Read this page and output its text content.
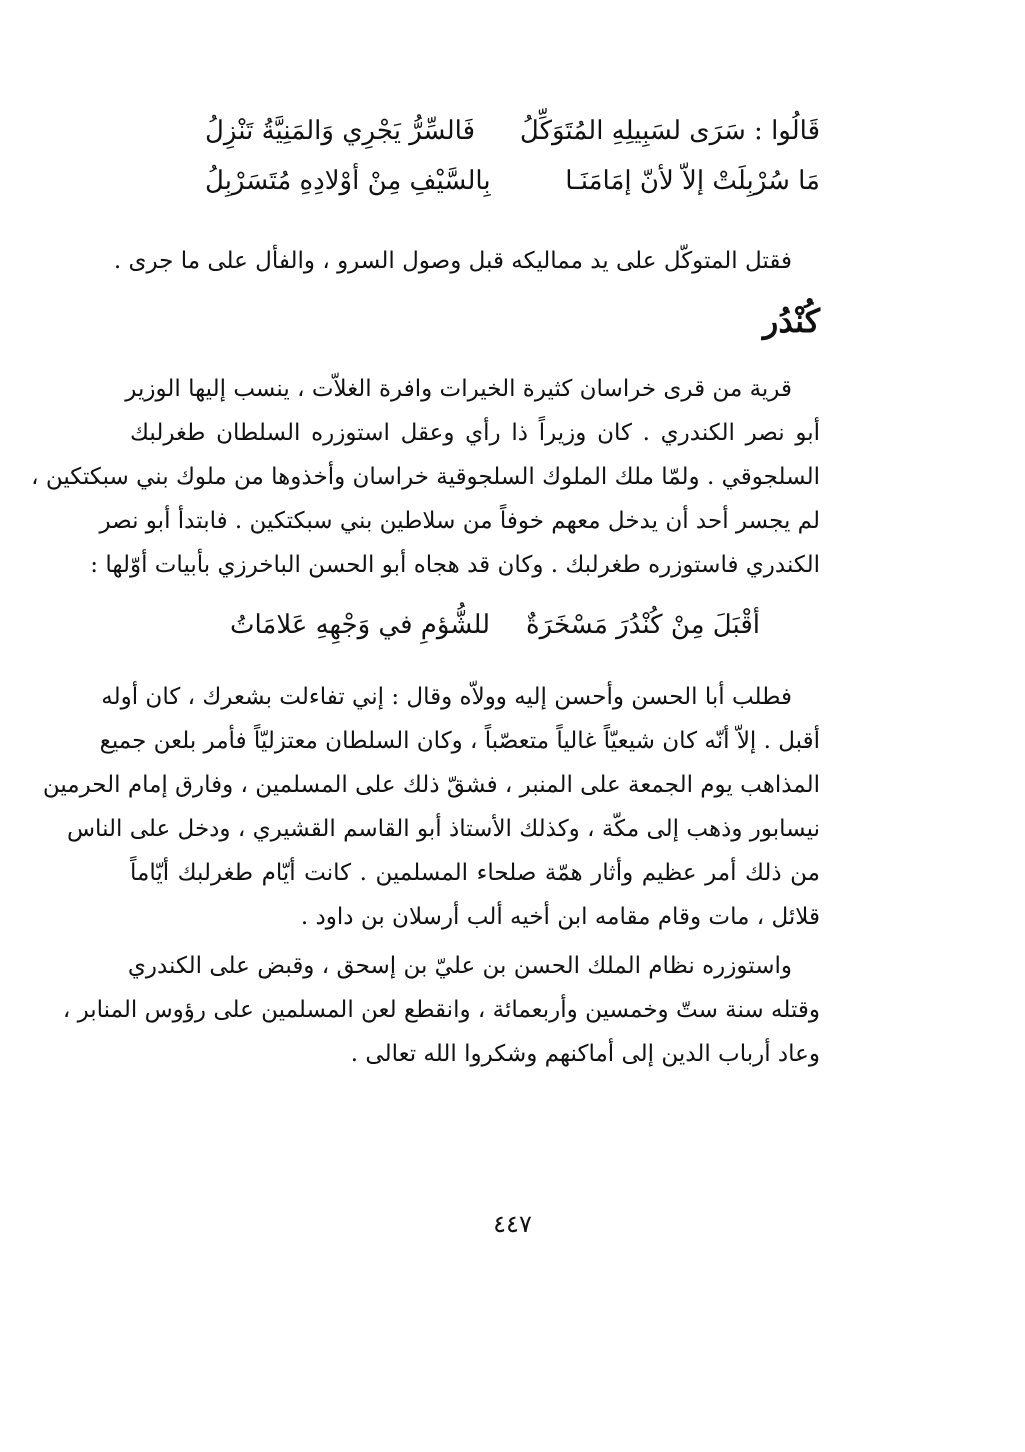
قَالُوا : سَرَى لسَبِيلِهِ المُتَوَكِّلُ
فَالسِّرُّ يَجْرِي وَالمَنِيَّةُ تَنْزِلُ
مَا سُرْبِلَتْ إلاّ لأنّ إمَامَنَـا
بِالسَّيْفِ مِنْ أوْلادِهِ مُتَسَرْبِلُ
فقتل المتوكّل على يد مماليكه قبل وصول السرو ، والفأل على ما جرى .
كُنْدُر
قرية من قرى خراسان كثيرة الخيرات وافرة الغلاّت ، ينسب إليها الوزير
أبو نصر الكندري . كان وزيراً ذا رأي وعقل استوزره السلطان طغرلبك
السلجوقي . ولمّا ملك الملوك السلجوقية خراسان وأخذوها من ملوك بني سبكتكين ،
لم يجسر أحد أن يدخل معهم خوفاً من سلاطين بني سبكتكين . فابتدأ أبو نصر
الكندري فاستوزره طغرلبك . وكان قد هجاه أبو الحسن الباخرزي بأبيات أوّلها :
أقْبَلَ مِنْ كُنْدُرَ مَسْخَرَةٌ
للشُّؤمِ في وَجْهِهِ عَلامَاتُ
فطلب أبا الحسن وأحسن إليه وولاّه وقال : إني تفاءلت بشعرك ، كان أوله
أقبل . إلاّ أنّه كان شيعيّاً غالياً متعصّباً ، وكان السلطان معتزليّاً فأمر بلعن جميع
المذاهب يوم الجمعة على المنبر ، فشقّ ذلك على المسلمين ، وفارق إمام الحرمين
نيسابور وذهب إلى مكّة ، وكذلك الأستاذ أبو القاسم القشيري ، ودخل على الناس
من ذلك أمر عظيم وأثار همّة صلحاء المسلمين . كانت أيّام طغرلبك أيّاماً
قلائل ، مات وقام مقامه ابن أخيه ألب أرسلان بن داود .
واستوزره نظام الملك الحسن بن عليّ بن إسحق ، وقبض على الكندري
وقتله سنة ستّ وخمسين وأربعمائة ، وانقطع لعن المسلمين على رؤوس المنابر ،
وعاد أرباب الدين إلى أماكنهم وشكروا الله تعالى .
٤٤٧
